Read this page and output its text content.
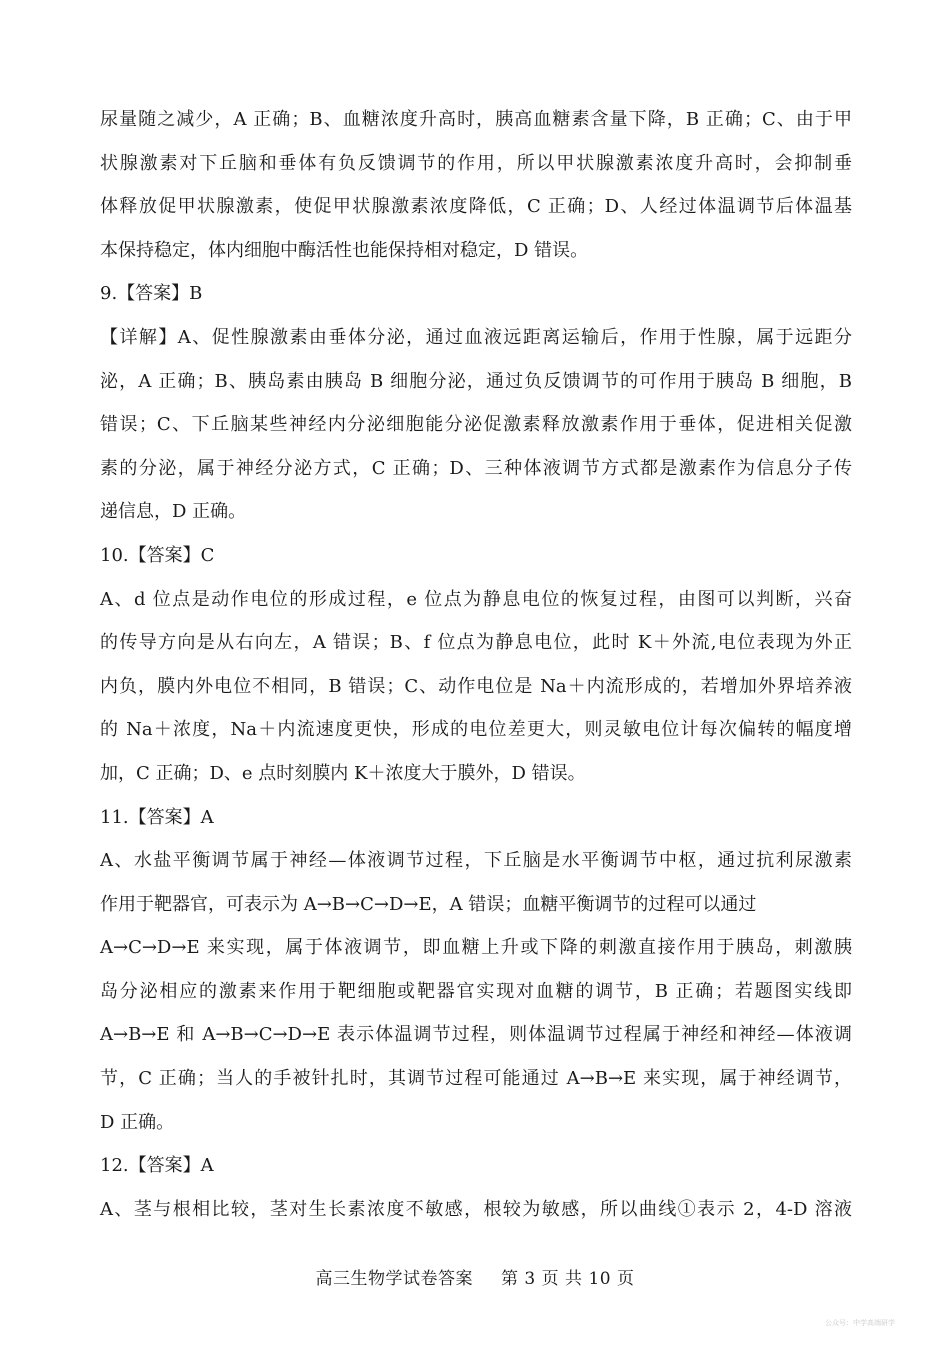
尿量随之减少，A 正确；B、血糖浓度升高时，胰高血糖素含量下降，B 正确；C、由于甲
状腺激素对下丘脑和垂体有负反馈调节的作用，所以甲状腺激素浓度升高时，会抑制垂
体释放促甲状腺激素，使促甲状腺激素浓度降低，C 正确；D、人经过体温调节后体温基
本保持稳定，体内细胞中酶活性也能保持相对稳定，D 错误。
9.【答案】B
【详解】A、促性腺激素由垂体分泌，通过血液远距离运输后，作用于性腺，属于远距分
泌，A 正确；B、胰岛素由胰岛 B 细胞分泌，通过负反馈调节的可作用于胰岛 B 细胞，B
错误；C、下丘脑某些神经内分泌细胞能分泌促激素释放激素作用于垂体，促进相关促激
素的分泌，属于神经分泌方式，C 正确；D、三种体液调节方式都是激素作为信息分子传
递信息，D 正确。
10.【答案】C
A、d 位点是动作电位的形成过程，e 位点为静息电位的恢复过程，由图可以判断，兴奋
的传导方向是从右向左，A 错误；B、f 位点为静息电位，此时 K＋外流,电位表现为外正
内负，膜内外电位不相同，B 错误；C、动作电位是 Na＋内流形成的，若增加外界培养液
的 Na＋浓度，Na＋内流速度更快，形成的电位差更大，则灵敏电位计每次偏转的幅度增
加，C 正确；D、e 点时刻膜内 K＋浓度大于膜外，D 错误。
11.【答案】A
A、水盐平衡调节属于神经—体液调节过程，下丘脑是水平衡调节中枢，通过抗利尿激素
作用于靶器官，可表示为 A→B→C→D→E，A 错误；血糖平衡调节的过程可以通过
A→C→D→E 来实现，属于体液调节，即血糖上升或下降的刺激直接作用于胰岛，刺激胰
岛分泌相应的激素来作用于靶细胞或靶器官实现对血糖的调节，B 正确；若题图实线即
A→B→E 和 A→B→C→D→E 表示体温调节过程，则体温调节过程属于神经和神经—体液调
节，C 正确；当人的手被针扎时，其调节过程可能通过 A→B→E 来实现，属于神经调节，
D 正确。
12.【答案】A
A、茎与根相比较，茎对生长素浓度不敏感，根较为敏感，所以曲线①表示 2，4-D 溶液
高三生物学试卷答案 第 3 页 共 10 页
公众号：中学高端研学
